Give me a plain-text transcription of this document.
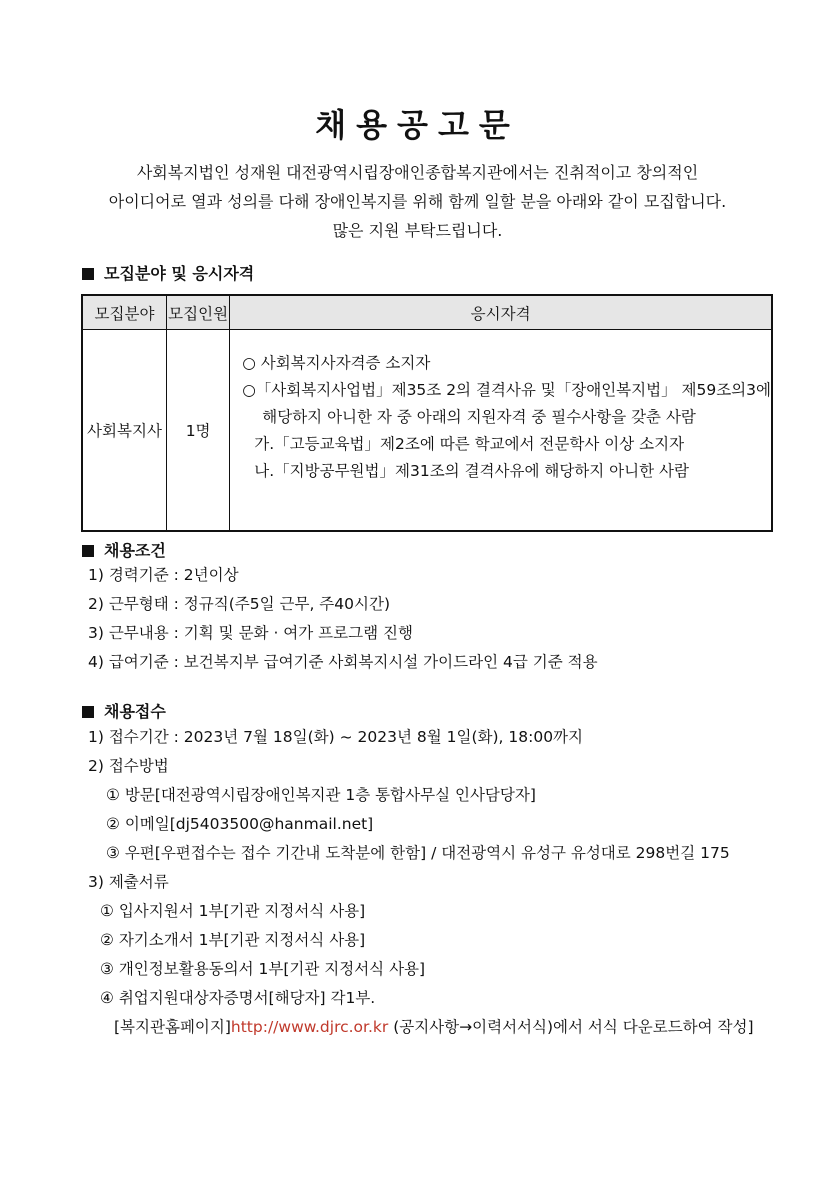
채용공고문
사회복지법인 성재원 대전광역시립장애인종합복지관에서는 진취적이고 창의적인
아이디어로 열과 성의를 다해 장애인복지를 위해 함께 일할 분을 아래와 같이 모집합니다.
많은 지원 부탁드립니다.
모집분야 및 응시자격
모집분야	모집인원	응시자격
사회복지사	1명	○ 사회복지사자격증 소지자
○「사회복지사업법」제35조 2의 결격사유 및「장애인복지법」 제59조의3에
해당하지 아니한 자 중 아래의 지원자격 중 필수사항을 갖춘 사람
가.「고등교육법」제2조에 따른 학교에서 전문학사 이상 소지자
나.「지방공무원법」제31조의 결격사유에 해당하지 아니한 사람
채용조건
1) 경력기준 : 2년이상
2) 근무형태 : 정규직(주5일 근무, 주40시간)
3) 근무내용 : 기획 및 문화 · 여가 프로그램 진행
4) 급여기준 : 보건복지부 급여기준 사회복지시설 가이드라인 4급 기준 적용
채용접수
1) 접수기간 : 2023년 7월 18일(화) ~ 2023년 8월 1일(화), 18:00까지
2) 접수방법
① 방문[대전광역시립장애인복지관 1층 통합사무실 인사담당자]
② 이메일[dj5403500@hanmail.net]
③ 우편[우편접수는 접수 기간내 도착분에 한함] / 대전광역시 유성구 유성대로 298번길 175
3) 제출서류
① 입사지원서 1부[기관 지정서식 사용]
② 자기소개서 1부[기관 지정서식 사용]
③ 개인정보활용동의서 1부[기관 지정서식 사용]
④ 취업지원대상자증명서[해당자] 각1부.
[복지관홈페이지]http://www.djrc.or.kr (공지사항→이력서서식)에서 서식 다운로드하여 작성]
